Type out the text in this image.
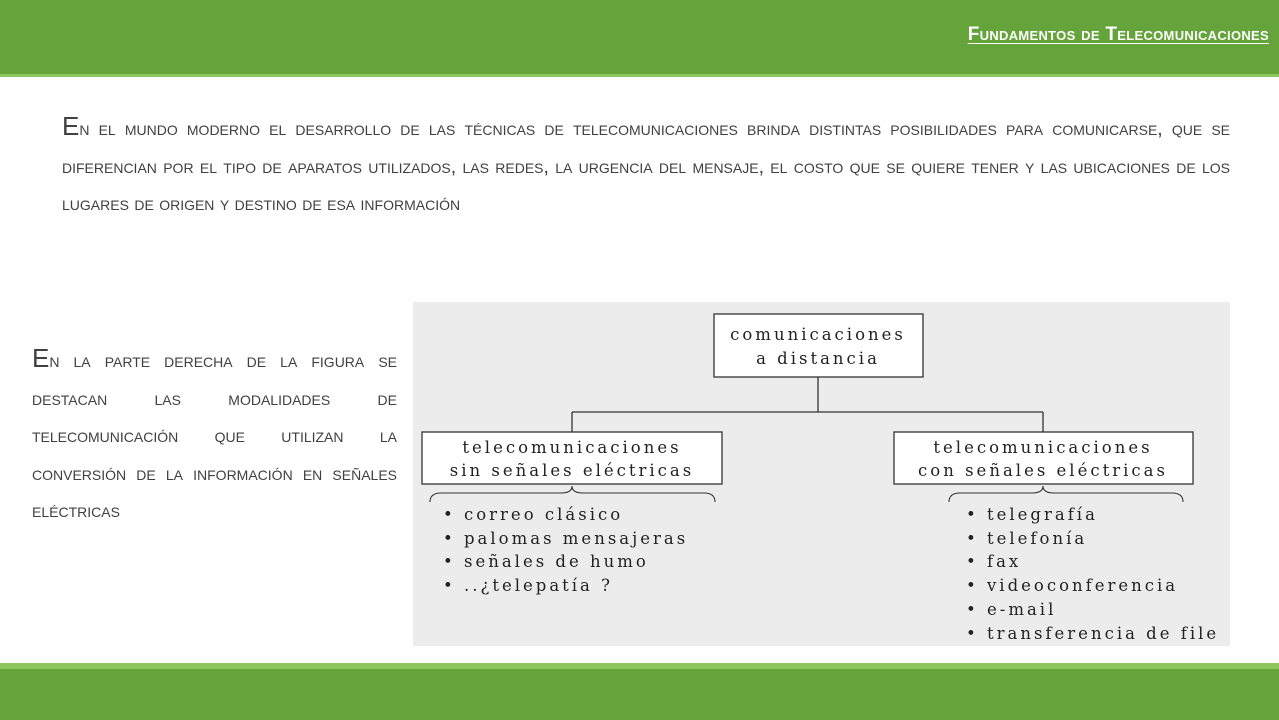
Fundamentos de Telecomunicaciones

En el mundo moderno el desarrollo de las técnicas de telecomunicaciones brinda distintas posibilidades para comunicarse, que se diferencian por el tipo de aparatos utilizados, las redes, la urgencia del mensaje, el costo que se quiere tener y las ubicaciones de los lugares de origen y destino de esa información

En la parte derecha de la figura se destacan las modalidades de telecomunicación que utilizan la conversión de la información en señales eléctricas

comunicaciones
a distancia
telecomunicaciones
sin señales eléctricas
telecomunicaciones
con señales eléctricas
• correo clásico
• palomas mensajeras
• señales de humo
• ..¿telepatía ?
• telegrafía
• telefonía
• fax
• videoconferencia
• e-mail
• transferencia de file
